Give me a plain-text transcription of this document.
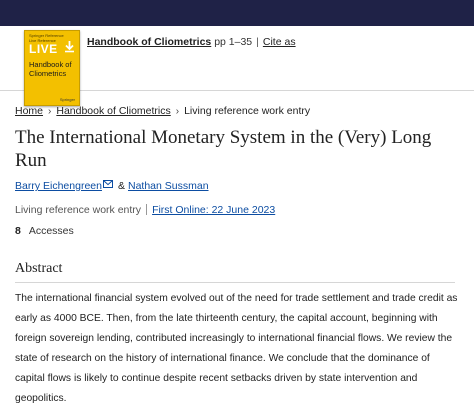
Springer Reference
Live Reference
LIVE
Handbook of Cliometrics
Springer
Handbook of Cliometrics pp 1–35 | Cite as
Home › Handbook of Cliometrics › Living reference work entry
The International Monetary System in the (Very) Long Run
Barry Eichengreen & Nathan Sussman
Living reference work entry First Online: 22 June 2023
8 Accesses
Abstract

The international financial system evolved out of the need for trade settlement and trade credit as early as 4000 BCE. Then, from the late thirteenth century, the capital account, beginning with foreign sovereign lending, contributed increasingly to international financial flows. We review the state of research on the history of international finance. We conclude that the dominance of capital flows is likely to continue despite recent setbacks driven by state intervention and geopolitics.
